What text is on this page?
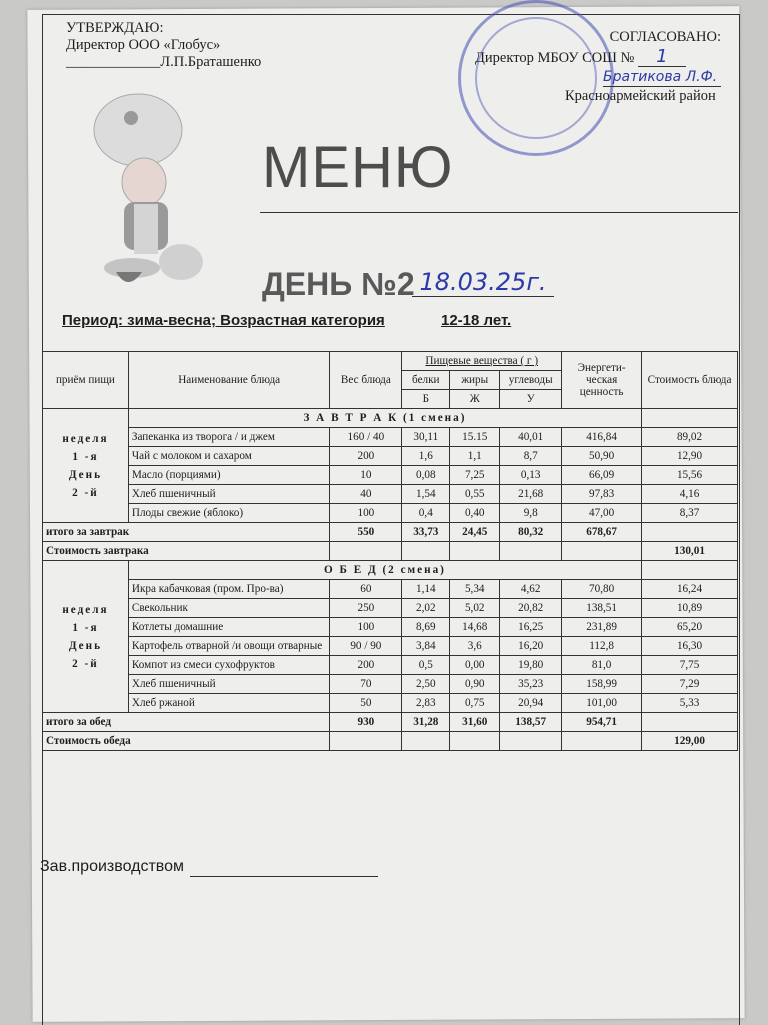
УТВЕРЖДАЮ:
Директор ООО «Глобус»
_____________Л.П.Браташенко
СОГЛАСОВАНО:
Директор МБОУ СОШ № 1
Братикова Л.Ф.
Красноармейский район
МЕНЮ
ДЕНЬ №2 18.03.25г.
Период: зима-весна; Возрастная категория	12-18 лет.
приём пищи	Наименование блюда	Вес блюда	Пищевые вещества ( г )			Энергети- ческая ценность	Стоимость блюда
			белки	жиры	углеводы		
			Б	Ж	У		

неделя
1 -я
День
2 -й	З А В Т Р А К (1 смена)						
	Запеканка из творога / и джем	160 / 40	30,11	15.15	40,01	416,84	89,02
	Чай с молоком и сахаром	200	1,6	1,1	8,7	50,90	12,90
	Масло (порциями)	10	0,08	7,25	0,13	66,09	15,56
	Хлеб пшеничный	40	1,54	0,55	21,68	97,83	4,16
	Плоды свежие (яблоко)	100	0,4	0,40	9,8	47,00	8,37
итого за завтрак		550	33,73	24,45	80,32	678,67	
Стоимость завтрака							130,01

неделя
1 -я
День
2 -й	О Б Е Д (2 смена)						
	Икра кабачковая (пром. Про-ва)	60	1,14	5,34	4,62	70,80	16,24
	Свекольник	250	2,02	5,02	20,82	138,51	10,89
	Котлеты домашние	100	8,69	14,68	16,25	231,89	65,20
	Картофель отварной /и овощи отварные	90 / 90	3,84	3,6	16,20	112,8	16,30
	Компот из смеси сухофруктов	200	0,5	0,00	19,80	81,0	7,75
	Хлеб пшеничный	70	2,50	0,90	35,23	158,99	7,29
	Хлеб ржаной	50	2,83	0,75	20,94	101,00	5,33
итого за обед		930	31,28	31,60	138,57	954,71	
Стоимость обеда							129,00
Зав.производством
